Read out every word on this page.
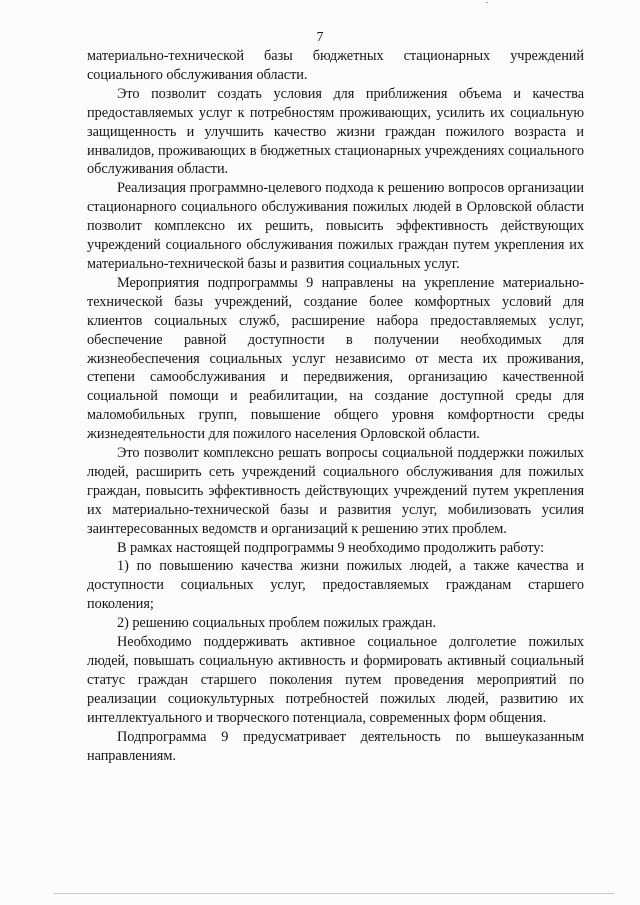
7

материально-технической базы бюджетных стационарных учреждений социального обслуживания области.

Это позволит создать условия для приближения объема и качества предоставляемых услуг к потребностям проживающих, усилить их социальную защищенность и улучшить качество жизни граждан пожилого возраста и инвалидов, проживающих в бюджетных стационарных учреждениях социального обслуживания области.

Реализация программно-целевого подхода к решению вопросов организации стационарного социального обслуживания пожилых людей в Орловской области позволит комплексно их решить, повысить эффективность действующих учреждений социального обслуживания пожилых граждан путем укрепления их материально-технической базы и развития социальных услуг.

Мероприятия подпрограммы 9 направлены на укрепление материально-технической базы учреждений, создание более комфортных условий для клиентов социальных служб, расширение набора предоставляемых услуг, обеспечение равной доступности в получении необходимых для жизнеобеспечения социальных услуг независимо от места их проживания, степени самообслуживания и передвижения, организацию качественной социальной помощи и реабилитации, на создание доступной среды для маломобильных групп, повышение общего уровня комфортности среды жизнедеятельности для пожилого населения Орловской области.

Это позволит комплексно решать вопросы социальной поддержки пожилых людей, расширить сеть учреждений социального обслуживания для пожилых граждан, повысить эффективность действующих учреждений путем укрепления их материально-технической базы и развития услуг, мобилизовать усилия заинтересованных ведомств и организаций к решению этих проблем.

В рамках настоящей подпрограммы 9 необходимо продолжить работу:

1) по повышению качества жизни пожилых людей, а также качества и доступности социальных услуг, предоставляемых гражданам старшего поколения;

2) решению социальных проблем пожилых граждан.

Необходимо поддерживать активное социальное долголетие пожилых людей, повышать социальную активность и формировать активный социальный статус граждан старшего поколения путем проведения мероприятий по реализации социокультурных потребностей пожилых людей, развитию их интеллектуального и творческого потенциала, современных форм общения.

Подпрограмма 9 предусматривает деятельность по вышеуказанным направлениям.
